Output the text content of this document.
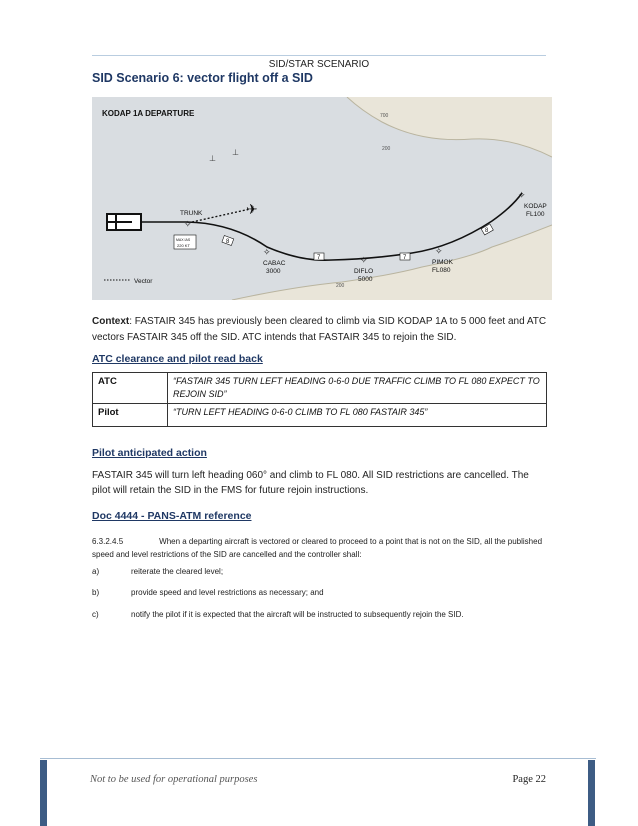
SID/STAR SCENARIO
SID Scenario 6: vector flight off a SID
KODAP 1A DEPARTURE
✈
⊥
⊥
✧
TRUNK
✧
CABAC
3000
✧
DIFLO
5000
✧
PIMOK
FL080
✧
KODAP
FL100
8
7	7
8
MAX IAS
220 KT
700
200
200
Vector
Context: FASTAIR 345 has previously been cleared to climb via SID KODAP 1A to 5 000 feet and ATC vectors FASTAIR 345 off the SID. ATC intends that FASTAIR 345 to rejoin the SID.
ATC clearance and pilot read back
ATC	“FASTAIR 345 TURN LEFT HEADING 0-6-0 DUE TRAFFIC CLIMB TO FL 080 EXPECT TO REJOIN SID”
Pilot	“TURN LEFT HEADING 0-6-0 CLIMB TO FL 080 FASTAIR 345”
Pilot anticipated action
FASTAIR 345 will turn left heading 060° and climb to FL 080. All SID restrictions are cancelled. The pilot will retain the SID in the FMS for future rejoin instructions.
Doc 4444 - PANS-ATM reference
6.3.2.4.5	When a departing aircraft is vectored or cleared to proceed to a point that is not on the SID, all the published speed and level restrictions of the SID are cancelled and the controller shall:
a)	reiterate the cleared level;
b)	provide speed and level restrictions as necessary; and
c)	notify the pilot if it is expected that the aircraft will be instructed to subsequently rejoin the SID.
Not to be used for operational purposes	Page 22
